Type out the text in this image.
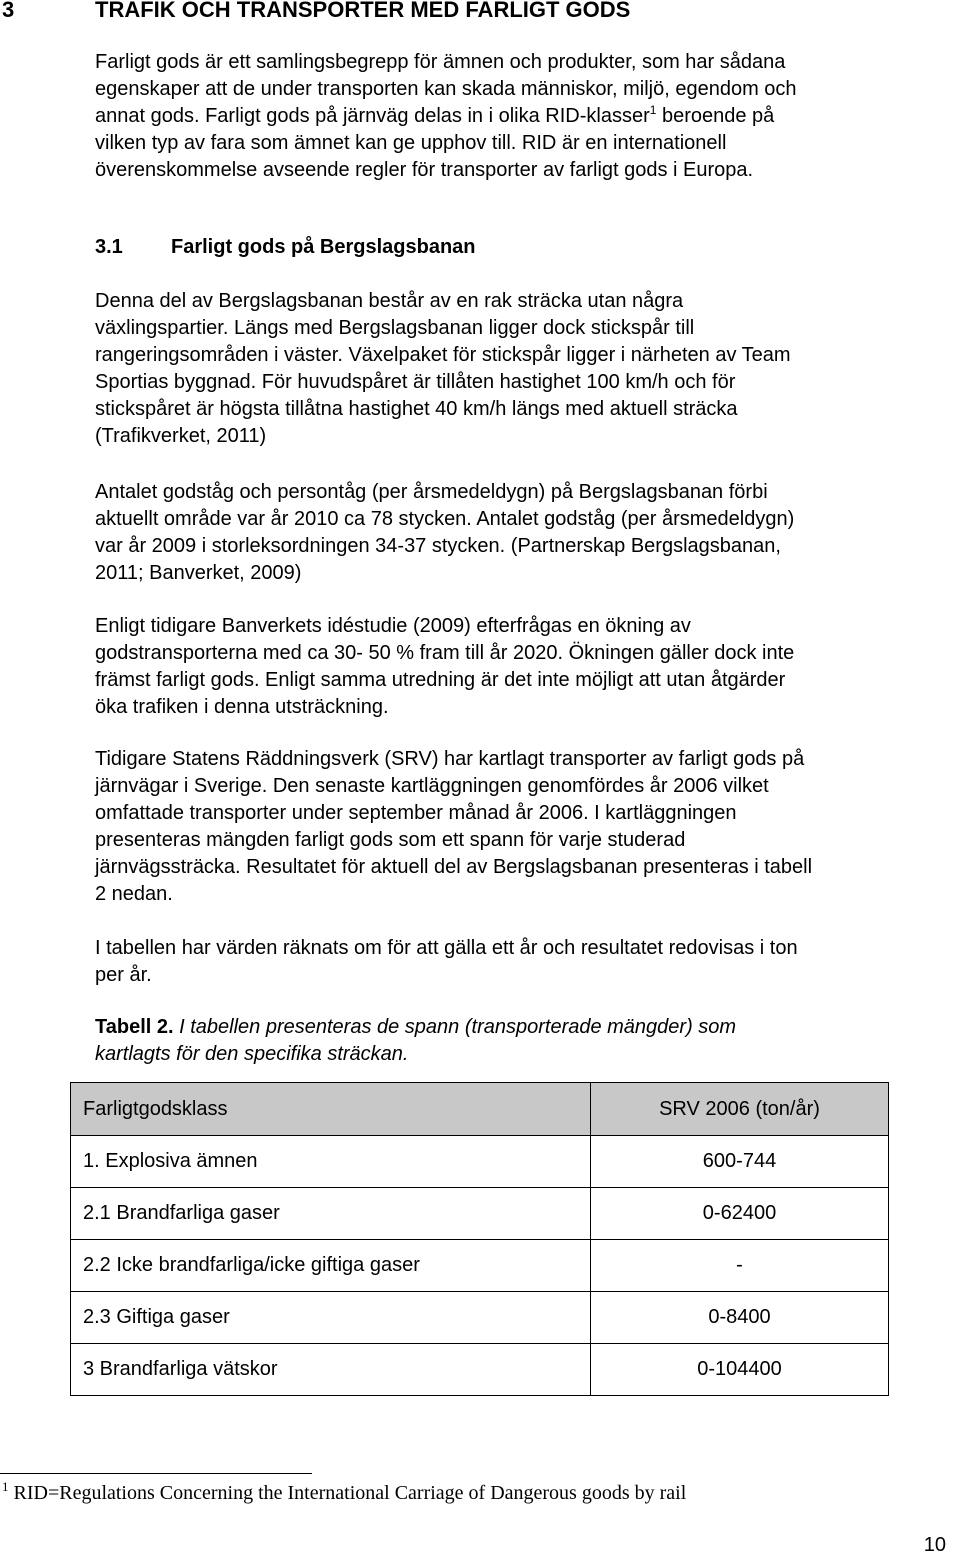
3	TRAFIK OCH TRANSPORTER MED FARLIGT GODS

Farligt gods är ett samlingsbegrepp för ämnen och produkter, som har sådana
egenskaper att de under transporten kan skada människor, miljö, egendom och
annat gods. Farligt gods på järnväg delas in i olika RID-klasser$^1$ beroende på
vilken typ av fara som ämnet kan ge upphov till. RID är en internationell
överenskommelse avseende regler för transporter av farligt gods i Europa.

3.1 Farligt gods på Bergslagsbanan

Denna del av Bergslagsbanan består av en rak sträcka utan några
växlingspartier. Längs med Bergslagsbanan ligger dock stickspår till
rangeringsområden i väster. Växelpaket för stickspår ligger i närheten av Team
Sportias byggnad. För huvudspåret är tillåten hastighet 100 km/h och för
stickspåret är högsta tillåtna hastighet 40 km/h längs med aktuell sträcka
(Trafikverket, 2011)

Antalet godståg och persontåg (per årsmedeldygn) på Bergslagsbanan förbi
aktuellt område var år 2010 ca 78 stycken. Antalet godståg (per årsmedeldygn)
var år 2009 i storleksordningen 34-37 stycken. (Partnerskap Bergslagsbanan,
2011; Banverket, 2009)

Enligt tidigare Banverkets idéstudie (2009) efterfrågas en ökning av
godstransporterna med ca 30- 50 % fram till år 2020. Ökningen gäller dock inte
främst farligt gods. Enligt samma utredning är det inte möjligt att utan åtgärder
öka trafiken i denna utsträckning.

Tidigare Statens Räddningsverk (SRV) har kartlagt transporter av farligt gods på
järnvägar i Sverige. Den senaste kartläggningen genomfördes år 2006 vilket
omfattade transporter under september månad år 2006. I kartläggningen
presenteras mängden farligt gods som ett spann för varje studerad
järnvägssträcka. Resultatet för aktuell del av Bergslagsbanan presenteras i tabell
2 nedan.

I tabellen har värden räknats om för att gälla ett år och resultatet redovisas i ton
per år.

Tabell 2. I tabellen presenteras de spann (transporterade mängder) som
kartlagts för den specifika sträckan.
Farligtgodsklass	SRV 2006 (ton/år)
1. Explosiva ämnen	600-744
2.1 Brandfarliga gaser	0-62400
2.2 Icke brandfarliga/icke giftiga gaser	-
2.3 Giftiga gaser	0-8400
3 Brandfarliga vätskor	0-104400
$^1$ RID=Regulations Concerning the International Carriage of Dangerous goods by rail
10
